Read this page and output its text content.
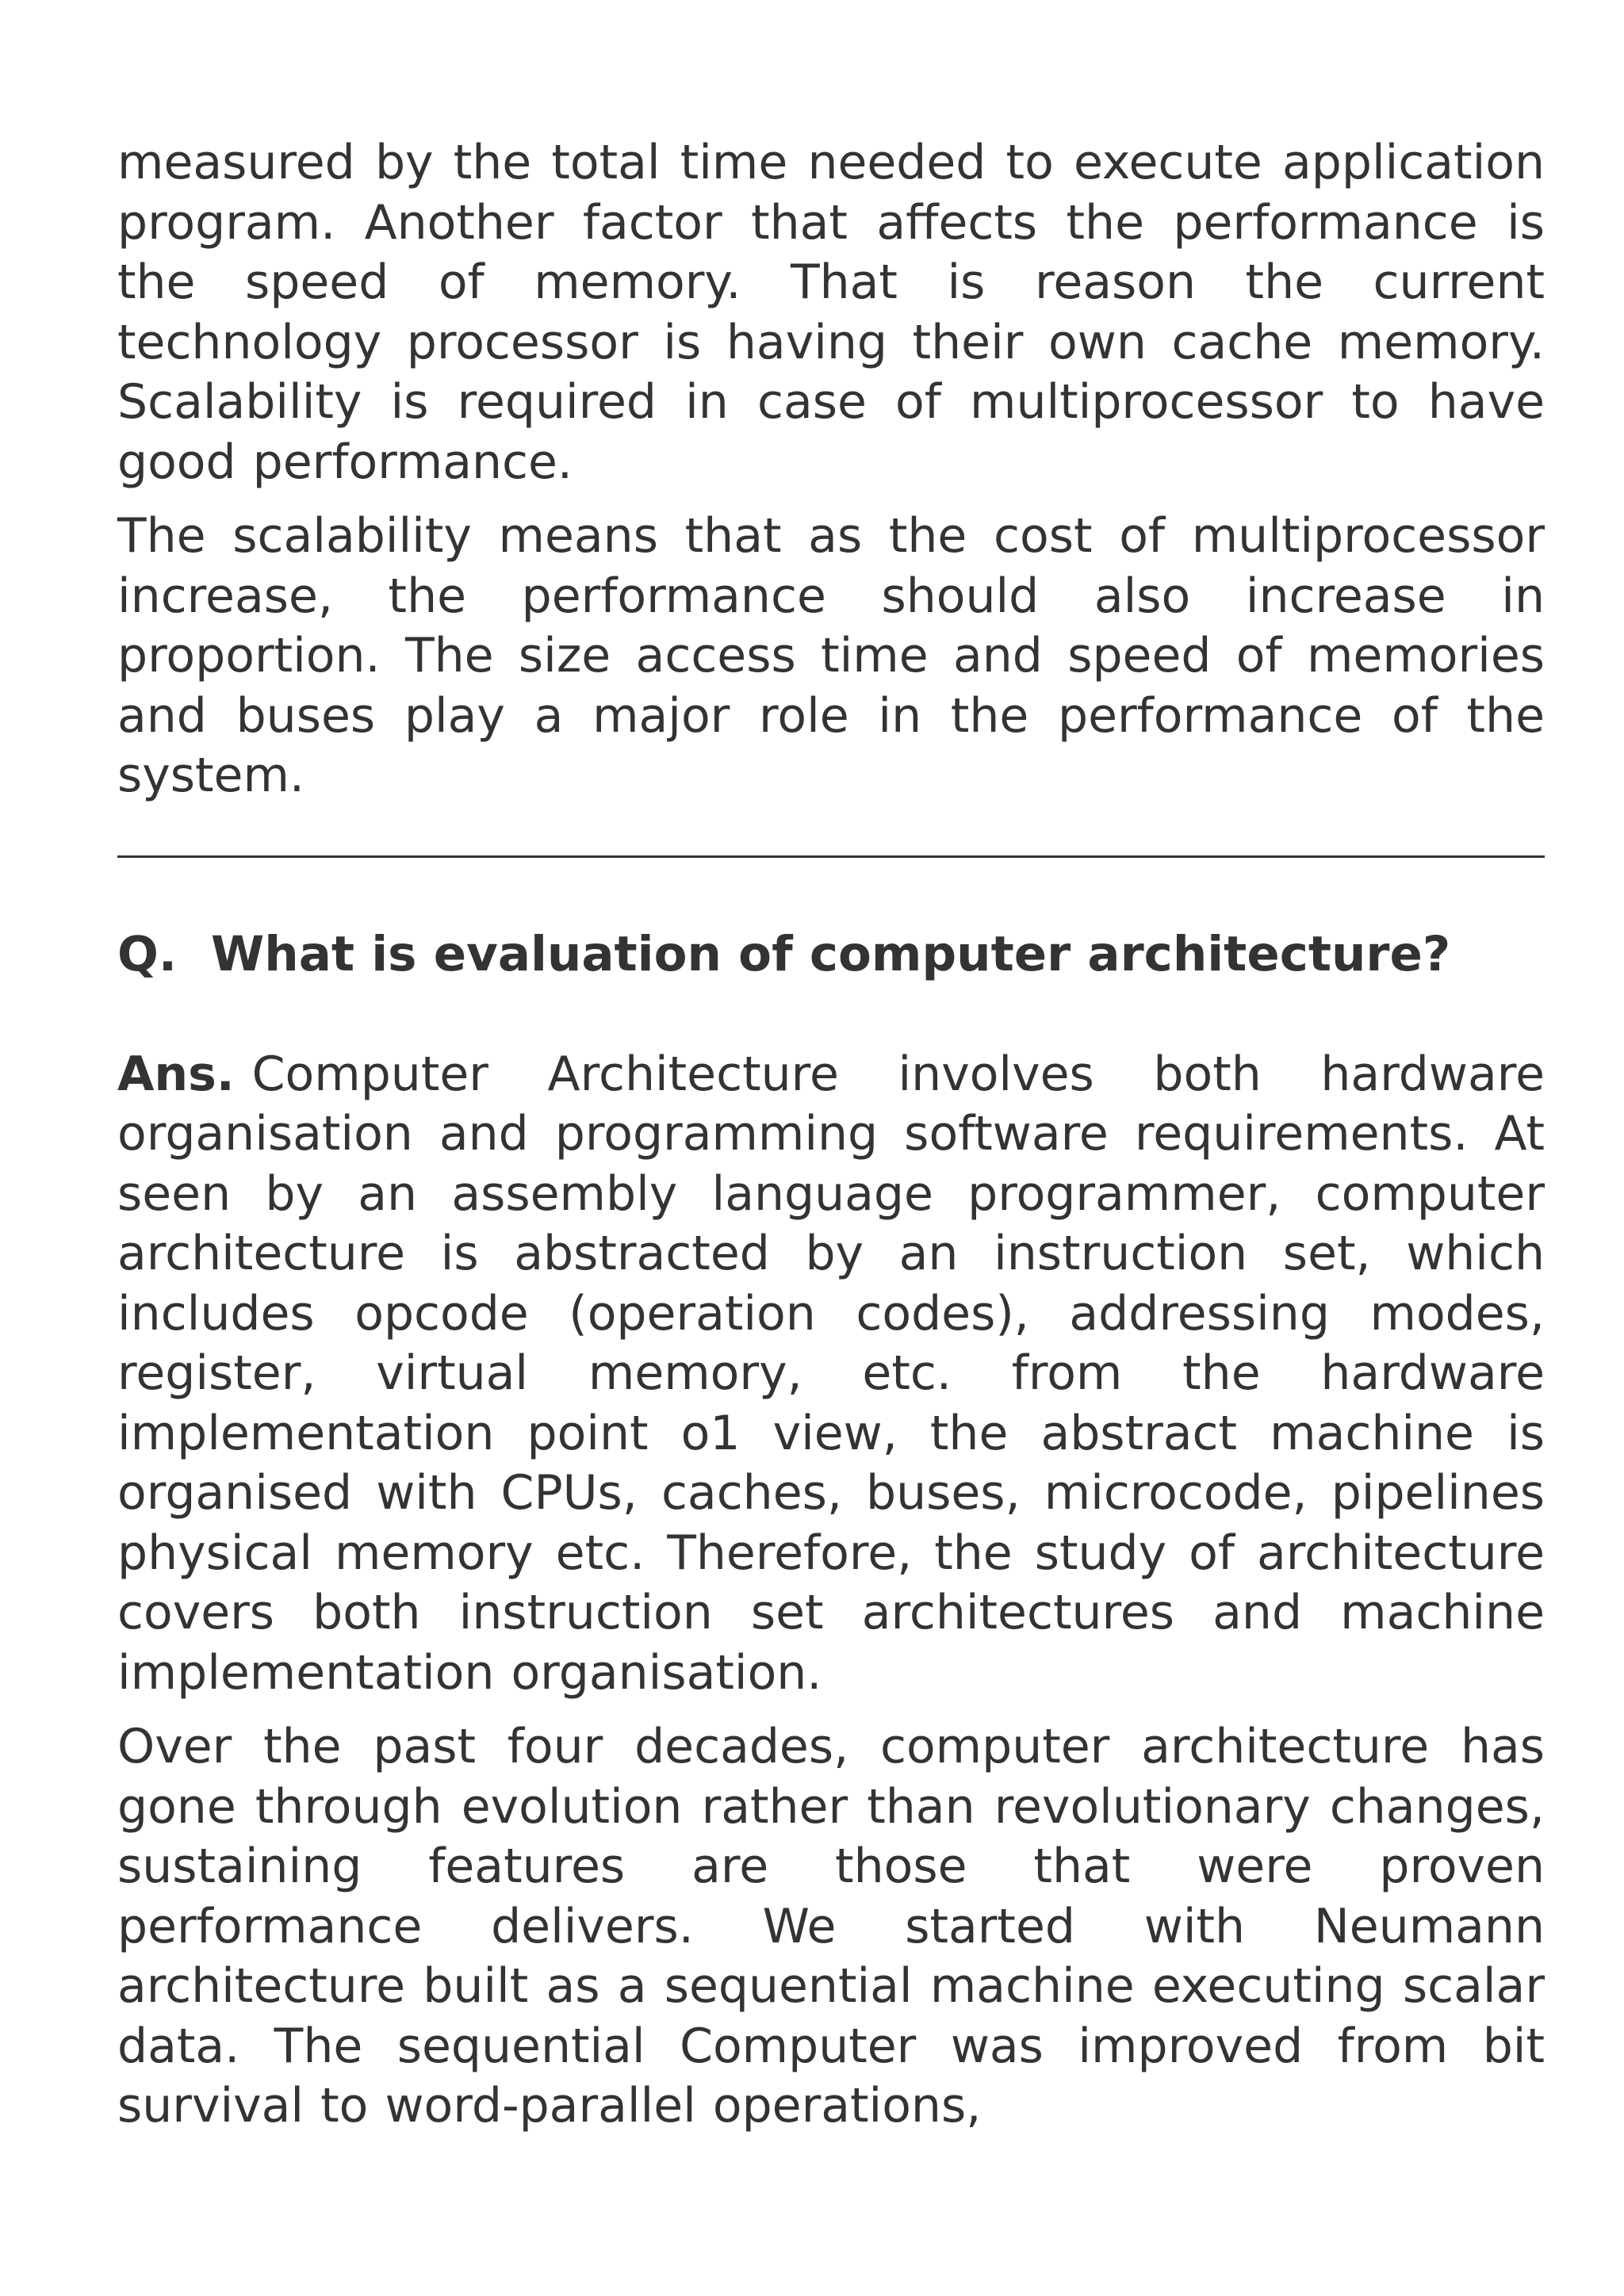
measured by the total time needed to execute application program. Another factor that affects the performance is the speed of memory. That is reason the current technology processor is having their own cache memory. Scalability is required in case of multiprocessor to have good performance.

The scalability means that as the cost of multiprocessor increase, the performance should also increase in proportion. The size access time and speed of memories and buses play a major role in the performance of the system.

Q. What is evaluation of computer architecture?

Ans. Computer Architecture involves both hardware organisation and programming software requirements. At seen by an assembly language programmer, computer architecture is abstracted by an instruction set, which includes opcode (operation codes), addressing modes, register, virtual memory, etc. from the hardware implementation point o1 view, the abstract machine is organised with CPUs, caches, buses, microcode, pipelines physical memory etc. Therefore, the study of architecture covers both instruction set architectures and machine implementation organisation.

Over the past four decades, computer architecture has gone through evolution rather than revolutionary changes, sustaining features are those that were proven performance delivers. We started with Neumann architecture built as a sequential machine executing scalar data. The sequential Computer was improved from bit survival to word-parallel operations,
